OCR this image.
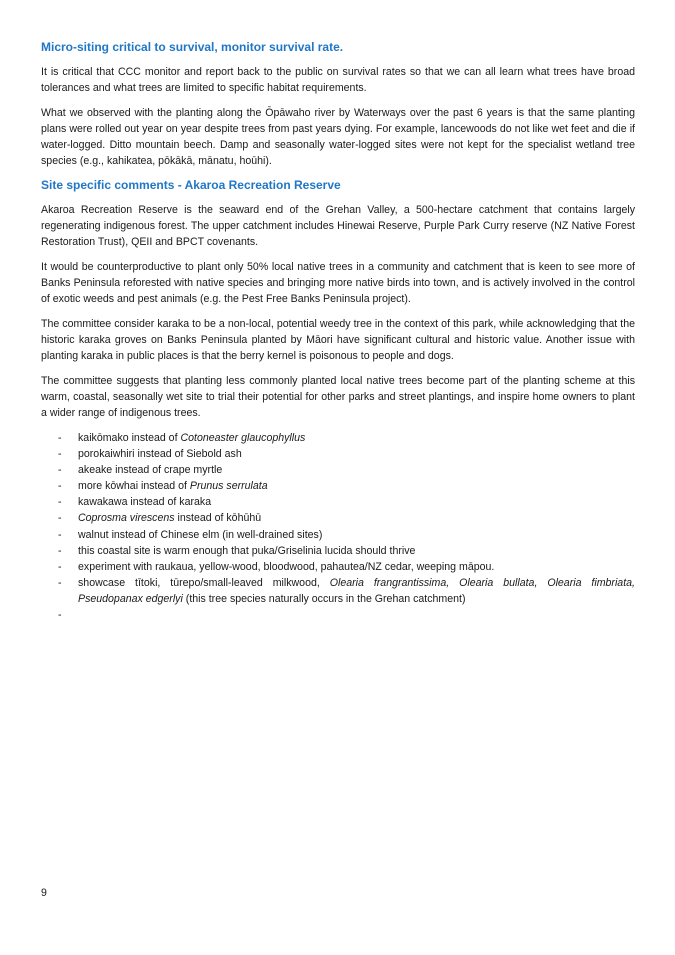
Micro-siting critical to survival, monitor survival rate.

It is critical that CCC monitor and report back to the public on survival rates so that we can all learn what trees have broad tolerances and what trees are limited to specific habitat requirements.

What we observed with the planting along the Ōpāwaho river by Waterways over the past 6 years is that the same planting plans were rolled out year on year despite trees from past years dying. For example, lancewoods do not like wet feet and die if water-logged. Ditto mountain beech. Damp and seasonally water-logged sites were not kept for the specialist wetland tree species (e.g., kahikatea, pōkākā, mānatu, hoūhi).

Site specific comments - Akaroa Recreation Reserve

Akaroa Recreation Reserve is the seaward end of the Grehan Valley, a 500-hectare catchment that contains largely regenerating indigenous forest. The upper catchment includes Hinewai Reserve, Purple Park Curry reserve (NZ Native Forest Restoration Trust), QEII and BPCT covenants.

It would be counterproductive to plant only 50% local native trees in a community and catchment that is keen to see more of Banks Peninsula reforested with native species and bringing more native birds into town, and is actively involved in the control of exotic weeds and pest animals (e.g. the Pest Free Banks Peninsula project).

The committee consider karaka to be a non-local, potential weedy tree in the context of this park, while acknowledging that the historic karaka groves on Banks Peninsula planted by Māori have significant cultural and historic value. Another issue with planting karaka in public places is that the berry kernel is poisonous to people and dogs.

The committee suggests that planting less commonly planted local native trees become part of the planting scheme at this warm, coastal, seasonally wet site to trial their potential for other parks and street plantings, and inspire home owners to plant a wider range of indigenous trees.

- kaikōmako instead of Cotoneaster glaucophyllus
- porokaiwhiri instead of Siebold ash
- akeake instead of crape myrtle
- more kōwhai instead of Prunus serrulata
- kawakawa instead of karaka
- Coprosma virescens instead of kōhūhū
- walnut instead of Chinese elm (in well-drained sites)
- this coastal site is warm enough that puka/Griselinia lucida should thrive
- experiment with raukaua, yellow-wood, bloodwood, pahautea/NZ cedar, weeping māpou.
- showcase tītoki, tūrepo/small-leaved milkwood, Olearia frangrantissima, Olearia bullata, Olearia fimbriata, Pseudopanax edgerlyi (this tree species naturally occurs in the Grehan catchment)
-

9
